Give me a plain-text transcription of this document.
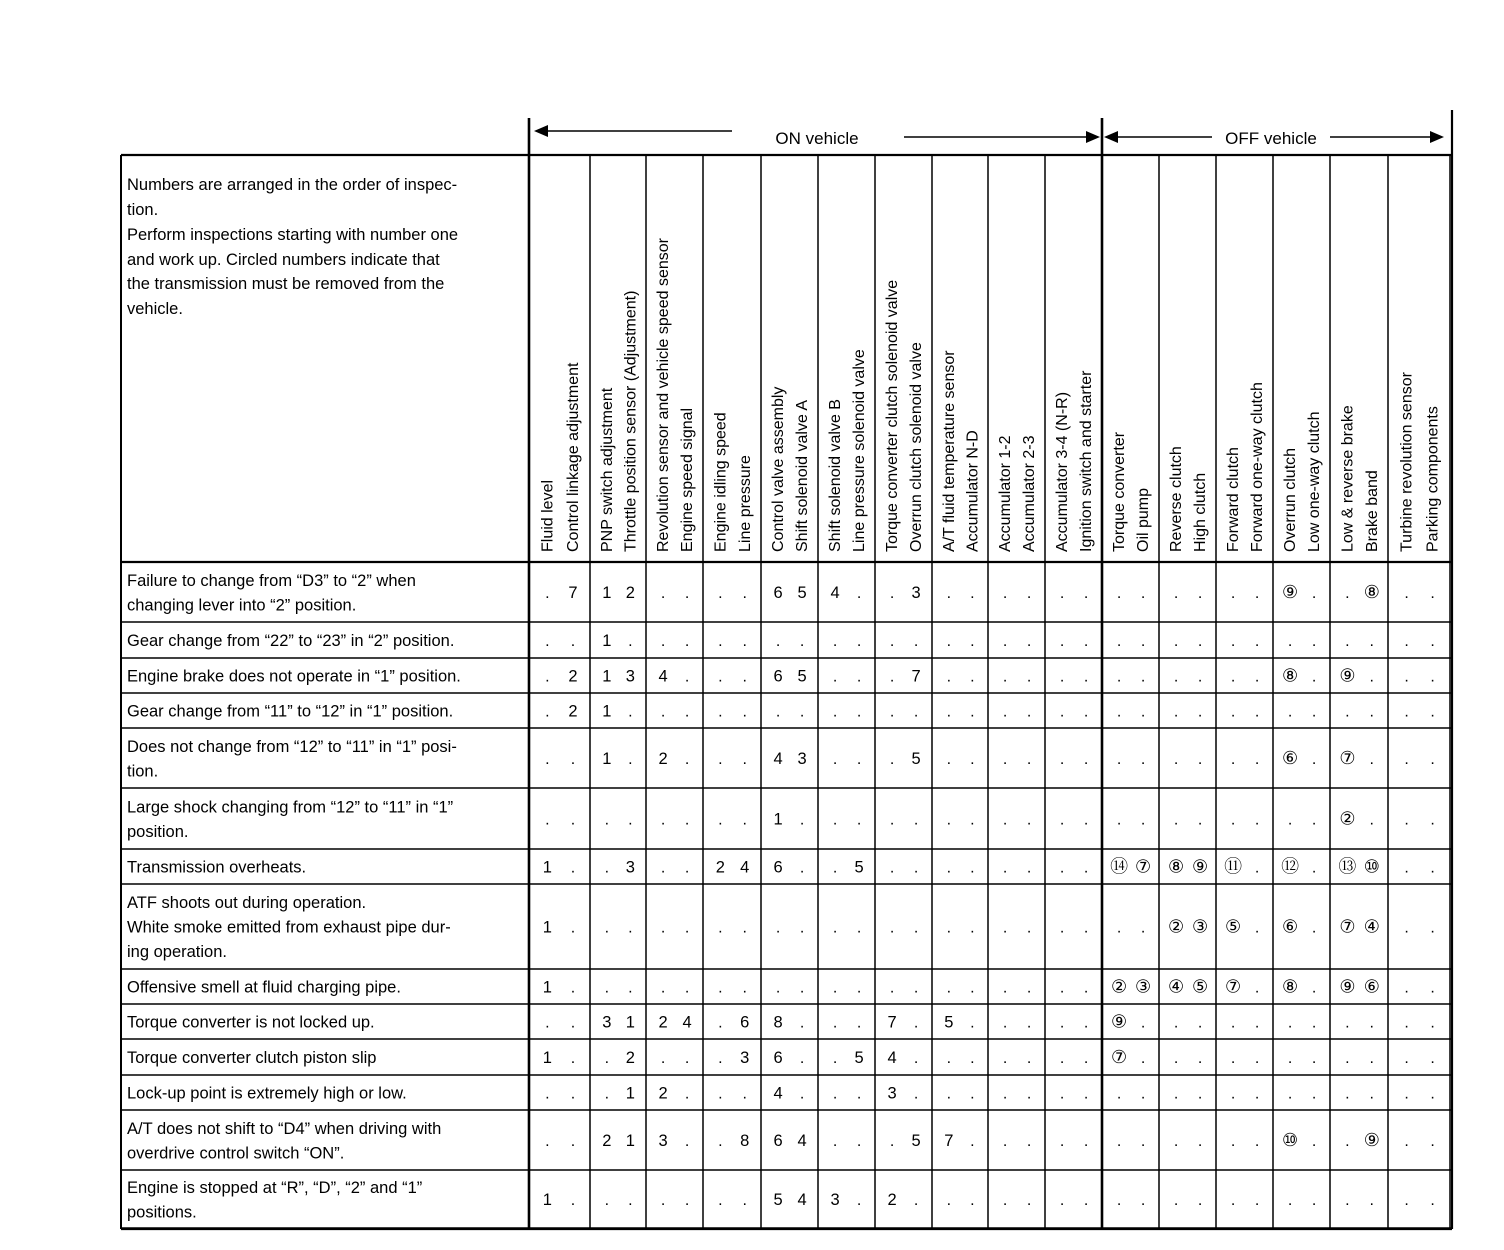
ON vehicle	OFF vehicle
Numbers are arranged in the order of inspec-
tion.
Perform inspections starting with number one
and work up. Circled numbers indicate that
the transmission must be removed from the
vehicle.
Fluid level Control linkage adjustment PNP switch adjustment Throttle position sensor (Adjustment) Revolution sensor and vehicle speed sensor Engine speed signal Engine idling speed Line pressure Control valve assembly Shift solenoid valve A Shift solenoid valve B Line pressure solenoid valve Torque converter clutch solenoid valve Overrun clutch solenoid valve A/T fluid temperature sensor Accumulator N-D Accumulator 1-2 Accumulator 2-3 Accumulator 3-4 (N-R) Ignition switch and starter Torque converter Oil pump Reverse clutch High clutch Forward clutch Forward one-way clutch Overrun clutch Low one-way clutch Low & reverse brake Brake band Turbine revolution sensor Parking components
Failure to change from “D3” to “2” when changing lever into “2” position.
Gear change from “22” to “23” in “2” position.
Engine brake does not operate in “1” position.
Gear change from “11” to “12” in “1” position.
Does not change from “12” to “11” in “1” posi-tion.
Large shock changing from “12” to “11” in “1” position.
Transmission overheats.
ATF shoots out during operation. White smoke emitted from exhaust pipe dur-ing operation.
Offensive smell at fluid charging pipe.
Torque converter is not locked up.
Torque converter clutch piston slip
Lock-up point is extremely high or low.
A/T does not shift to “D4” when driving with overdrive control switch “ON”.
Engine is stopped at “R”, “D”, “2” and “1” positions.
. 7 1 2 . . . . 6 5 4 . . 3 . . . . . . . . . . . . ⑨ . . ⑧ . .
. . 1 . . . . . . . . . . . . . . . . . . . . . . . . . . . . .
. 2 1 3 4 . . . 6 5 . . . 7 . . . . . . . . . . . . ⑧ . ⑨ . . .
. 2 1 . . . . . . . . . . . . . . . . . . . . . . . . . . . . .
. . 1 . 2 . . . 4 3 . . . 5 . . . . . . . . . . . . ⑥ . ⑦ . . .
. . . . . . . . 1 . . . . . . . . . . . . . . . . . . . ② . . .
1 . . 3 . . 2 4 6 . . 5 . . . . . . . . ⑭ ⑦ ⑧ ⑨ ⑪ . ⑫ . ⑬ ⑩ . .
1 . . . . . . . . . . . . . . . . . . . . . ② ③ ⑤ . ⑥ . ⑦ ④ . .
1 . . . . . . . . . . . . . . . . . . . ② ③ ④ ⑤ ⑦ . ⑧ . ⑨ ⑥ . .
. . 3 1 2 4 . 6 8 . . . 7 . 5 . . . . . ⑨ . . . . . . . . . . .
1 . . 2 . . . 3 6 . . 5 4 . . . . . . . ⑦ . . . . . . . . . . .
. . . 1 2 . . . 4 . . . 3 . . . . . . . . . . . . . . . . . . .
. . 2 1 3 . . 8 6 4 . . . 5 7 . . . . . . . . . . . ⑩ . . ⑨ . .
1 . . . . . . . 5 4 3 . 2 . . . . . . . . . . . . . . . . . . .
